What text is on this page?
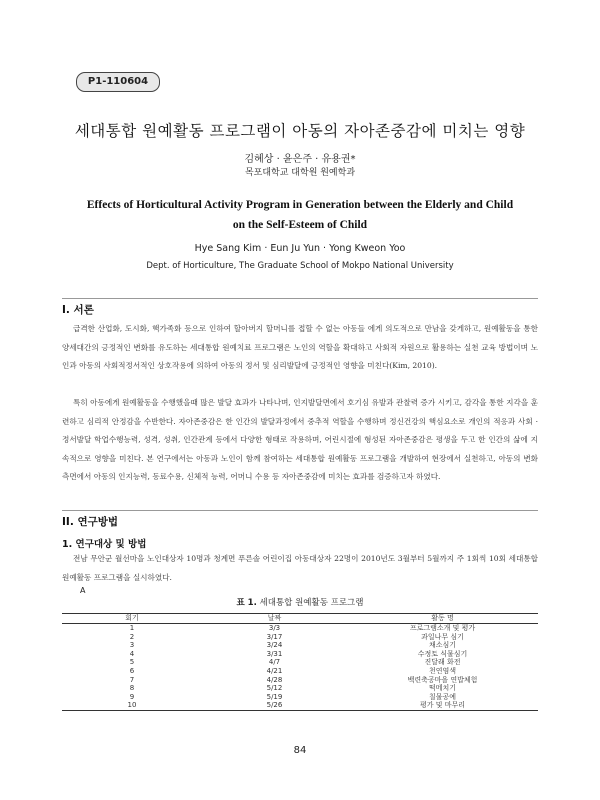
P1-110604
세대통합 원예활동 프로그램이 아동의 자아존중감에 미치는 영향
김혜상 · 윤은주 · 유용권*
목포대학교 대학원 원예학과
Effects of Horticultural Activity Program in Generation between the Elderly and Child
on the Self-Esteem of Child
Hye Sang Kim · Eun Ju Yun · Yong Kweon Yoo
Dept. of Horticulture, The Graduate School of Mokpo National University
I. 서론

급격한 산업화, 도시화, 핵가족화 등으로 인하여 할아버지 할머니를 접할 수 없는 아동들 에게 의도적으로 만남을 갖게하고, 원예활동을 통한 양세대간의 긍정적인 변화를 유도하는 세대통합 원예치료 프로그램은 노인의 역할을 확대하고 사회적 자원으로 활용하는 실천 교육 방법이며 노인과 아동의 사회적정서적인 상호작용에 의하여 아동의 정서 및 심리발달에 긍정적인 영향을 미친다(Kim, 2010).

특히 아동에게 원예활동을 수행했을때 많은 발달 효과가 나타나며, 인지발달면에서 호기심 유발과 관찰력 증가 시키고, 감각을 통한 지각을 훈련하고 심리적 안정감을 수반한다. 자아존중감은 한 인간의 발달과정에서 중추적 역할을 수행하며 정신건강의 핵심요소로 개인의 적응과 사회 · 정서발달 학업수행능력, 성격, 성취, 인간관계 등에서 다양한 형태로 작용하며, 어린시절에 형성된 자아존중감은 평생을 두고 한 인간의 삶에 지속적으로 영향을 미친다. 본 연구에서는 아동과 노인이 함께 참여하는 세대통합 원예활동 프로그램을 개발하여 현장에서 실천하고, 아동의 변화 측면에서 아동의 인지능력, 동료수용, 신체적 능력, 어머니 수용 등 자아존중감에 미치는 효과를 검증하고자 하였다.

II. 연구방법
1. 연구대상 및 방법

전남 무안군 월선마을 노인대상자 10명과 청계면 푸른솔 어린이집 아동대상자 22명이 2010년도 3월부터 5월까지 주 1회씩 10회 세대통합 원예활동 프로그램을 실시하였다.

A
표 1. 세대통합 원예활동 프로그램
회기	날짜	활동 명
1	3/3	프로그램소개 및 평가
2	3/17	과일나무 심기
3	3/24	채소심기
4	3/31	수정토 식물심기
5	4/7	진달래 화전
6	4/21	천연염색
7	4/28	백련축공마을 연밥체험
8	5/12	떡메치기
9	5/19	칠물공예
10	5/26	평가 및 마무리
84
